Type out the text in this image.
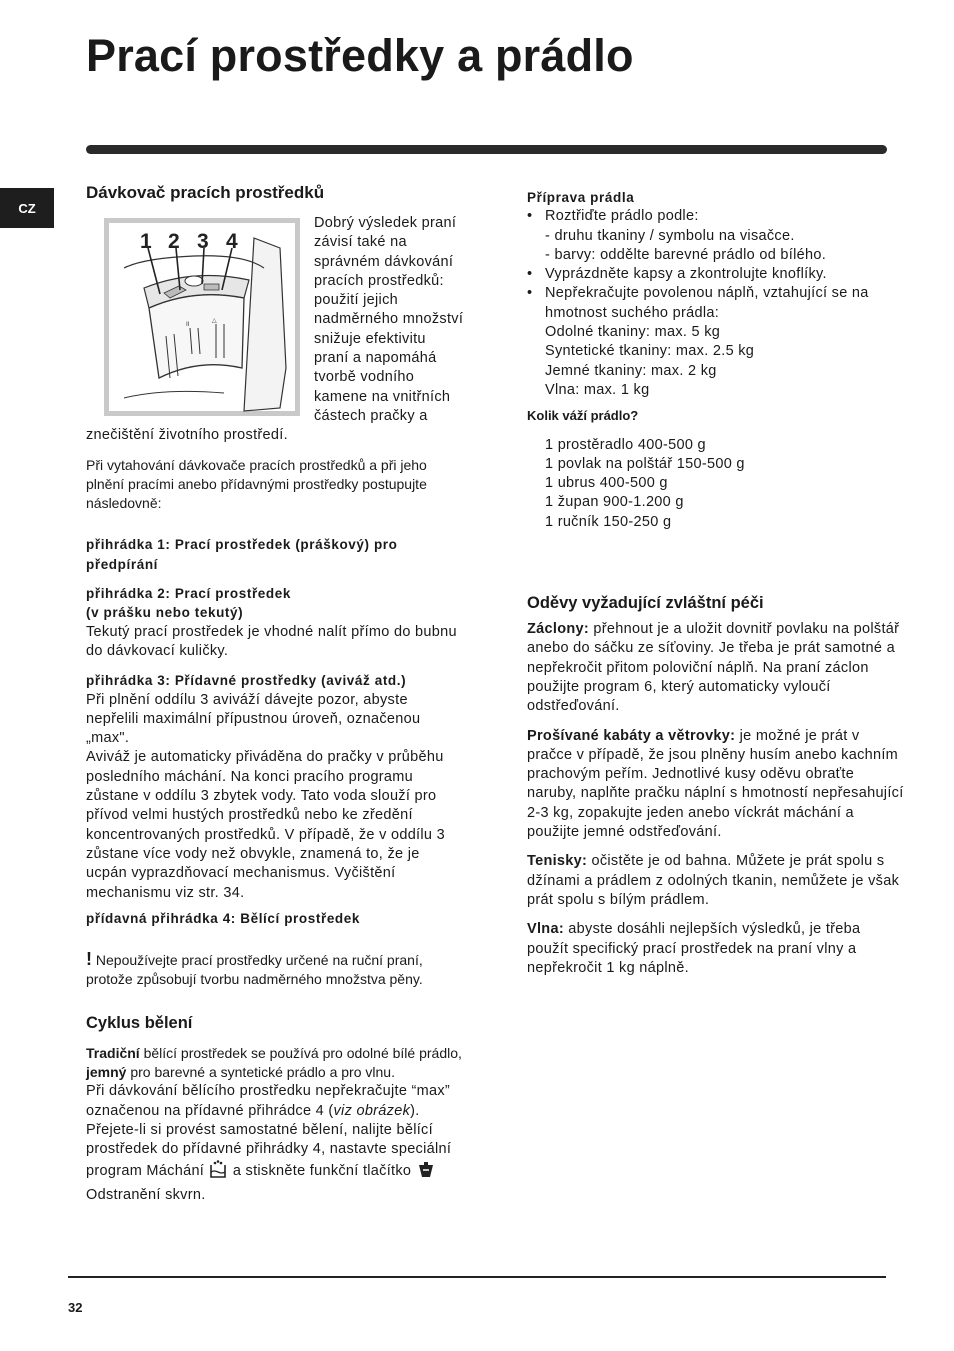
Prací prostředky a prádlo
CZ
Dávkovač pracích prostředků
II
△
1 2 3 4

Dobrý výsledek praní závisí také na správném dávkování pracích prostředků: použití jejich nadměrného množství snižuje efektivitu praní a napomáhá tvorbě vodního kamene na vnitřních částech pračky a znečištění životního prostředí.

Při vytahování dávkovače pracích prostředků a při jeho plnění pracími anebo přídavnými prostředky postupujte následovně:

přihrádka 1: Prací prostředek (práškový) pro předpírání

přihrádka 2: Prací prostředek

(v prášku nebo tekutý)

Tekutý prací prostředek je vhodné nalít přímo do bubnu do dávkovací kuličky.

přihrádka 3: Přídavné prostředky (aviváž atd.)

Při plnění oddílu 3 aviváží dávejte pozor, abyste nepřelili maximální přípustnou úroveň, označenou „max".

Aviváž je automaticky přiváděna do pračky v průběhu posledního máchání. Na konci pracího programu zůstane v oddílu 3 zbytek vody. Tato voda slouží pro přívod velmi hustých prostředků nebo ke zředění koncentrovaných prostředků. V případě, že v oddílu 3 zůstane více vody než obvykle, znamená to, že je ucpán vyprazdňovací mechanismus. Vyčištění mechanismu viz str. 34.

přídavná přihrádka 4: Bělící prostředek

! Nepoužívejte prací prostředky určené na ruční praní, protože způsobují tvorbu nadměrného množstva pěny.

Cyklus bělení

Tradiční bělící prostředek se používá pro odolné bílé prádlo, jemný pro barevné a syntetické prádlo a pro vlnu.

Při dávkování bělícího prostředku nepřekračujte “max” označenou na přídavné přihrádce 4 (viz obrázek).

Přejete-li si provést samostatné bělení, nalijte bělící prostředek do přídavné přihrádky 4, nastavte speciální program Máchání a stiskněte funkční tlačítko Odstranění skvrn.

Příprava prádla

• Roztřiďte prádlo podle:
- druhu tkaniny / symbolu na visačce.
- barvy: oddělte barevné prádlo od bílého.
• Vyprázdněte kapsy a zkontrolujte knoflíky.
• Nepřekračujte povolenou náplň, vztahující se na hmotnost suchého prádla:
Odolné tkaniny: max. 5 kg
Syntetické tkaniny: max. 2.5 kg
Jemné tkaniny: max. 2 kg
Vlna: max. 1 kg

Kolik váží prádlo?

1 prostěradlo 400-500 g
1 povlak na polštář 150-500 g
1 ubrus 400-500 g
1 župan 900-1.200 g
1 ručník 150-250 g
Oděvy vyžadující zvláštní péči

Záclony: přehnout je a uložit dovnitř povlaku na polštář anebo do sáčku ze síťoviny. Je třeba je prát samotné a nepřekročit přitom poloviční náplň. Na praní záclon použijte program 6, který automaticky vyloučí odstřeďování.

Prošívané kabáty a větrovky: je možné je prát v pračce v případě, že jsou plněny husím anebo kachním prachovým peřím. Jednotlivé kusy oděvu obraťte naruby, naplňte pračku náplní s hmotností nepřesahující 2-3 kg, zopakujte jeden anebo víckrát máchání a použijte jemné odstřeďování.

Tenisky: očistěte je od bahna. Můžete je prát spolu s džínami a prádlem z odolných tkanin, nemůžete je však prát spolu s bílým prádlem.

Vlna: abyste dosáhli nejlepších výsledků, je třeba použít specifický prací prostředek na praní vlny a nepřekročit 1 kg náplně.

32
